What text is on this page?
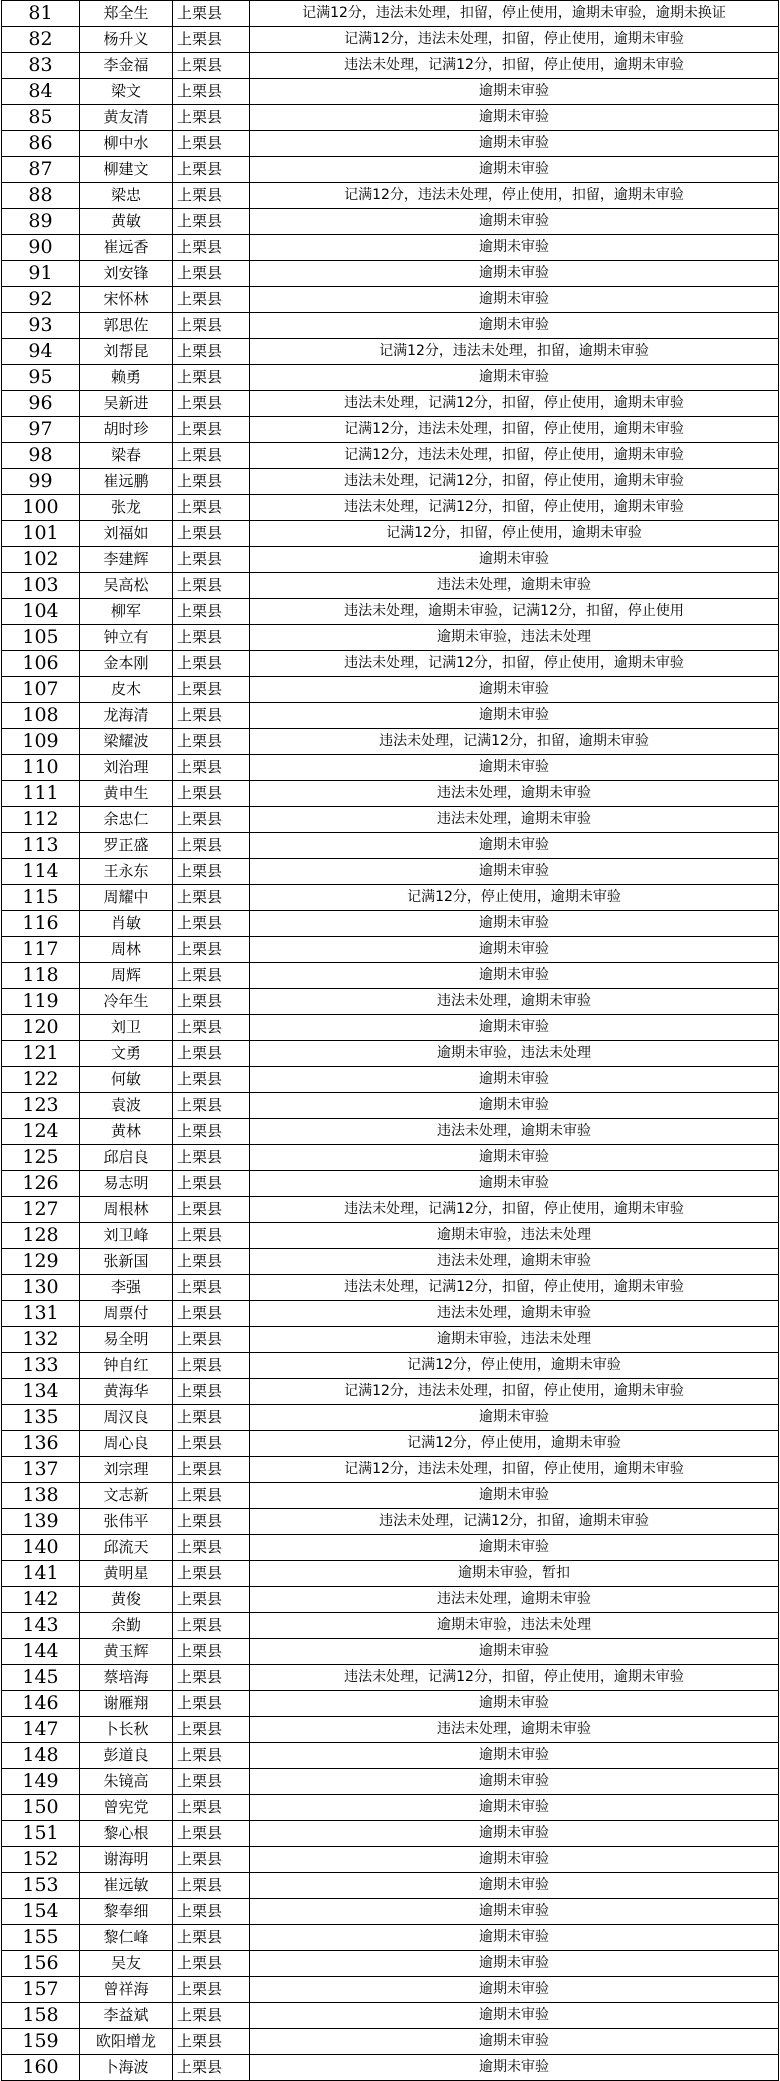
81	郑全生	上栗县	记满12分，违法未处理，扣留，停止使用，逾期未审验，逾期未换证
82	杨升义	上栗县	记满12分，违法未处理，扣留，停止使用，逾期未审验
83	李金福	上栗县	违法未处理，记满12分，扣留，停止使用，逾期未审验
84	梁文	上栗县	逾期未审验
85	黄友清	上栗县	逾期未审验
86	柳中水	上栗县	逾期未审验
87	柳建文	上栗县	逾期未审验
88	梁忠	上栗县	记满12分，违法未处理，停止使用，扣留，逾期未审验
89	黄敏	上栗县	逾期未审验
90	崔远香	上栗县	逾期未审验
91	刘安锋	上栗县	逾期未审验
92	宋怀林	上栗县	逾期未审验
93	郭思佐	上栗县	逾期未审验
94	刘帮昆	上栗县	记满12分，违法未处理，扣留，逾期未审验
95	赖勇	上栗县	逾期未审验
96	吴新进	上栗县	违法未处理，记满12分，扣留，停止使用，逾期未审验
97	胡时珍	上栗县	记满12分，违法未处理，扣留，停止使用，逾期未审验
98	梁春	上栗县	记满12分，违法未处理，扣留，停止使用，逾期未审验
99	崔远鹏	上栗县	违法未处理，记满12分，扣留，停止使用，逾期未审验
100	张龙	上栗县	违法未处理，记满12分，扣留，停止使用，逾期未审验
101	刘福如	上栗县	记满12分，扣留，停止使用，逾期未审验
102	李建辉	上栗县	逾期未审验
103	吴高松	上栗县	违法未处理，逾期未审验
104	柳军	上栗县	违法未处理，逾期未审验，记满12分，扣留，停止使用
105	钟立有	上栗县	逾期未审验，违法未处理
106	金本刚	上栗县	违法未处理，记满12分，扣留，停止使用，逾期未审验
107	皮木	上栗县	逾期未审验
108	龙海清	上栗县	逾期未审验
109	梁耀波	上栗县	违法未处理，记满12分，扣留，逾期未审验
110	刘治理	上栗县	逾期未审验
111	黄申生	上栗县	违法未处理，逾期未审验
112	余忠仁	上栗县	违法未处理，逾期未审验
113	罗正盛	上栗县	逾期未审验
114	王永东	上栗县	逾期未审验
115	周耀中	上栗县	记满12分，停止使用，逾期未审验
116	肖敏	上栗县	逾期未审验
117	周林	上栗县	逾期未审验
118	周辉	上栗县	逾期未审验
119	冷年生	上栗县	违法未处理，逾期未审验
120	刘卫	上栗县	逾期未审验
121	文勇	上栗县	逾期未审验，违法未处理
122	何敏	上栗县	逾期未审验
123	袁波	上栗县	逾期未审验
124	黄林	上栗县	违法未处理，逾期未审验
125	邱启良	上栗县	逾期未审验
126	易志明	上栗县	逾期未审验
127	周根林	上栗县	违法未处理，记满12分，扣留，停止使用，逾期未审验
128	刘卫峰	上栗县	逾期未审验，违法未处理
129	张新国	上栗县	违法未处理，逾期未审验
130	李强	上栗县	违法未处理，记满12分，扣留，停止使用，逾期未审验
131	周票付	上栗县	违法未处理，逾期未审验
132	易全明	上栗县	逾期未审验，违法未处理
133	钟自红	上栗县	记满12分，停止使用，逾期未审验
134	黄海华	上栗县	记满12分，违法未处理，扣留，停止使用，逾期未审验
135	周汉良	上栗县	逾期未审验
136	周心良	上栗县	记满12分，停止使用，逾期未审验
137	刘宗理	上栗县	记满12分，违法未处理，扣留，停止使用，逾期未审验
138	文志新	上栗县	逾期未审验
139	张伟平	上栗县	违法未处理，记满12分，扣留，逾期未审验
140	邱流天	上栗县	逾期未审验
141	黄明星	上栗县	逾期未审验，暂扣
142	黄俊	上栗县	违法未处理，逾期未审验
143	余勤	上栗县	逾期未审验，违法未处理
144	黄玉辉	上栗县	逾期未审验
145	蔡培海	上栗县	违法未处理，记满12分，扣留，停止使用，逾期未审验
146	谢雁翔	上栗县	逾期未审验
147	卜长秋	上栗县	违法未处理，逾期未审验
148	彭道良	上栗县	逾期未审验
149	朱镜高	上栗县	逾期未审验
150	曾宪党	上栗县	逾期未审验
151	黎心根	上栗县	逾期未审验
152	谢海明	上栗县	逾期未审验
153	崔远敏	上栗县	逾期未审验
154	黎奉细	上栗县	逾期未审验
155	黎仁峰	上栗县	逾期未审验
156	吴友	上栗县	逾期未审验
157	曾祥海	上栗县	逾期未审验
158	李益斌	上栗县	逾期未审验
159	欧阳增龙	上栗县	逾期未审验
160	卜海波	上栗县	逾期未审验
